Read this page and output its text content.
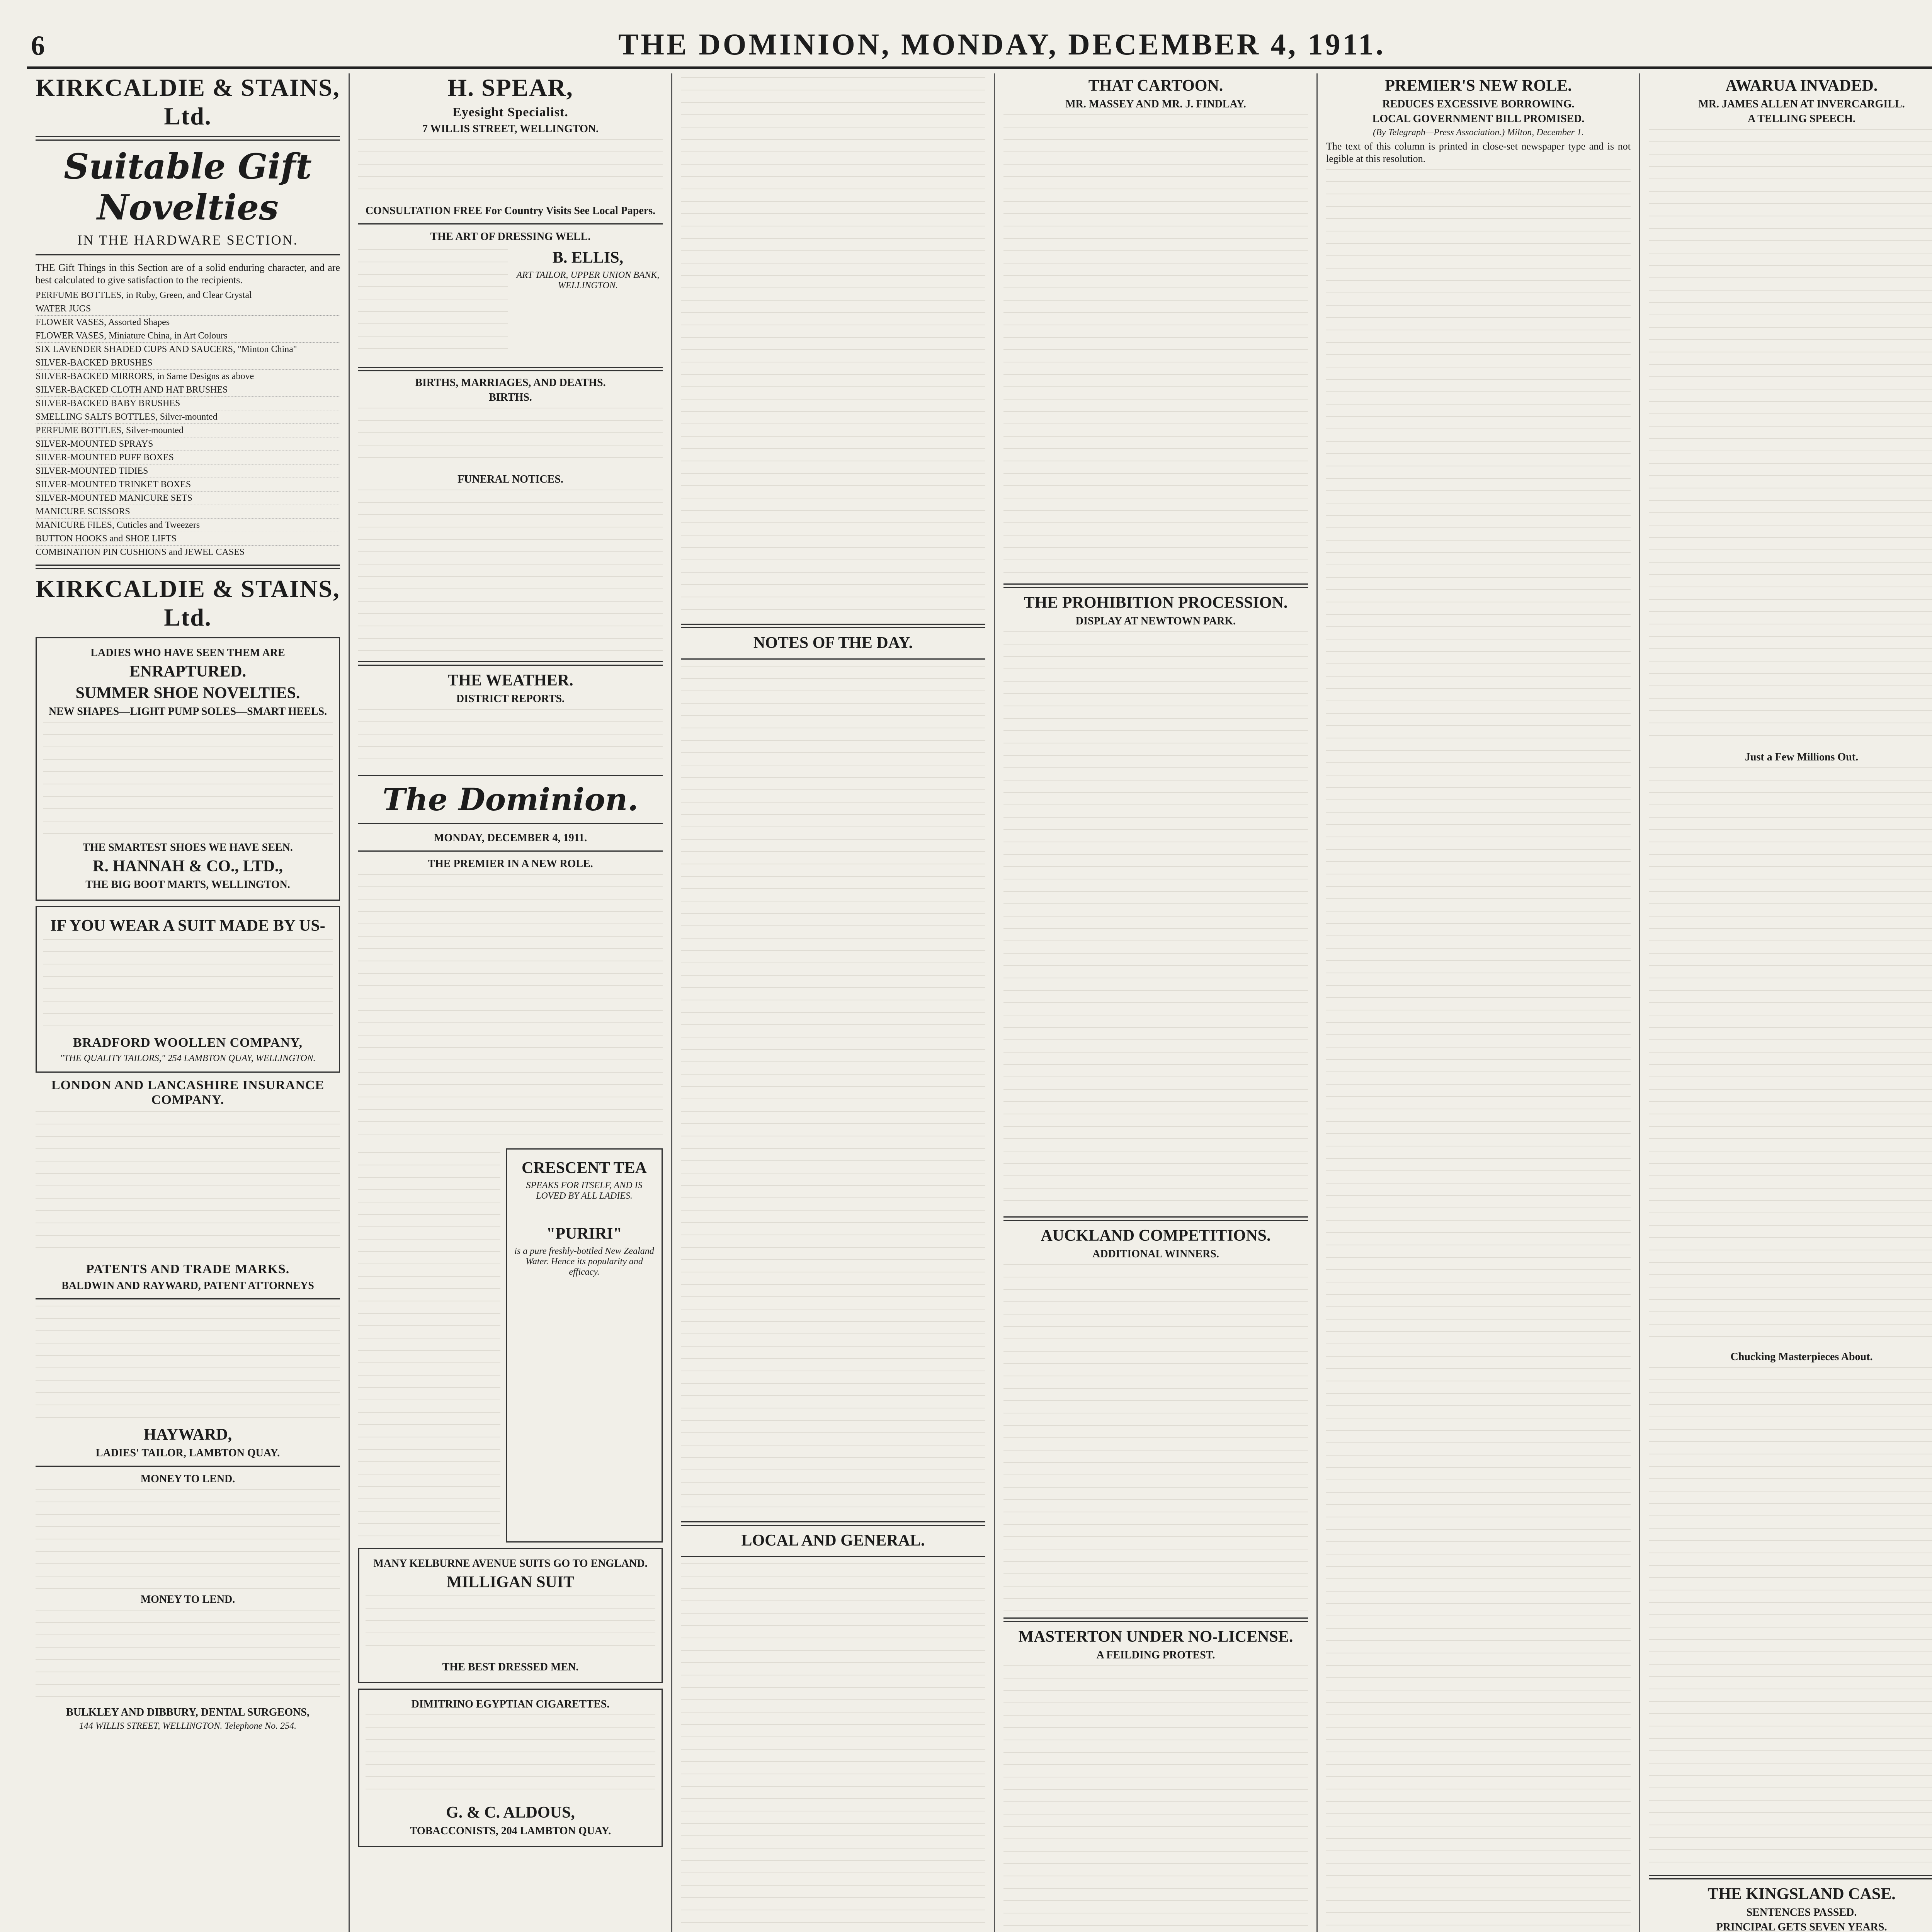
6	THE DOMINION, MONDAY, DECEMBER 4, 1911.
KIRKCALDIE & STAINS, Ltd.
Suitable Gift Novelties
IN THE HARDWARE SECTION.
THE Gift Things in this Section are of a solid enduring character, and are best calculated to give satisfaction to the recipients.
PERFUME BOTTLES, in Ruby, Green, and Clear Crystal
WATER JUGS
FLOWER VASES, Assorted Shapes
FLOWER VASES, Miniature China, in Art Colours
SIX LAVENDER SHADED CUPS AND SAUCERS, "Minton China"
SILVER-BACKED BRUSHES
SILVER-BACKED MIRRORS, in Same Designs as above
SILVER-BACKED CLOTH AND HAT BRUSHES
SILVER-BACKED BABY BRUSHES
SMELLING SALTS BOTTLES, Silver-mounted
PERFUME BOTTLES, Silver-mounted
SILVER-MOUNTED SPRAYS
SILVER-MOUNTED PUFF BOXES
SILVER-MOUNTED TIDIES
SILVER-MOUNTED TRINKET BOXES
SILVER-MOUNTED MANICURE SETS
MANICURE SCISSORS
MANICURE FILES, Cuticles and Tweezers
BUTTON HOOKS and SHOE LIFTS
COMBINATION PIN CUSHIONS and JEWEL CASES
KIRKCALDIE & STAINS, Ltd.
LADIES WHO HAVE SEEN THEM ARE
ENRAPTURED.
SUMMER SHOE NOVELTIES.
NEW SHAPES—LIGHT PUMP SOLES—SMART HEELS.
THE SMARTEST SHOES WE HAVE SEEN.
R. HANNAH & CO., LTD.,
THE BIG BOOT MARTS, WELLINGTON.
IF YOU WEAR A SUIT MADE BY US-
BRADFORD WOOLLEN COMPANY,
"THE QUALITY TAILORS," 254 LAMBTON QUAY, WELLINGTON.
LONDON AND LANCASHIRE INSURANCE COMPANY.
PATENTS AND TRADE MARKS.
BALDWIN AND RAYWARD, PATENT ATTORNEYS
HAYWARD,
LADIES' TAILOR, LAMBTON QUAY.
MONEY TO LEND.
MONEY TO LEND.
BULKLEY AND DIBBURY, DENTAL SURGEONS,
144 WILLIS STREET, WELLINGTON. Telephone No. 254.
H. SPEAR,
Eyesight Specialist.
7 WILLIS STREET, WELLINGTON.
CONSULTATION FREE For Country Visits See Local Papers.
THE ART OF DRESSING WELL.
B. ELLIS,
ART TAILOR, UPPER UNION BANK, WELLINGTON.
BIRTHS, MARRIAGES, AND DEATHS.
BIRTHS.
FUNERAL NOTICES.
THE WEATHER.
DISTRICT REPORTS.
The Dominion.
MONDAY, DECEMBER 4, 1911.
THE PREMIER IN A NEW ROLE.
CRESCENT TEA
SPEAKS FOR ITSELF, AND IS LOVED BY ALL LADIES.
"PURIRI"
is a pure freshly-bottled New Zealand Water. Hence its popularity and efficacy.
MANY KELBURNE AVENUE SUITS GO TO ENGLAND.
MILLIGAN SUIT
THE BEST DRESSED MEN.
DIMITRINO EGYPTIAN CIGARETTES.
G. & C. ALDOUS,
TOBACCONISTS, 204 LAMBTON QUAY.
NOTES OF THE DAY.
LOCAL AND GENERAL.
THAT CARTOON.
MR. MASSEY AND MR. J. FINDLAY.
THE PROHIBITION PROCESSION.
DISPLAY AT NEWTOWN PARK.
AUCKLAND COMPETITIONS.
ADDITIONAL WINNERS.
MASTERTON UNDER NO-LICENSE.
A FEILDING PROTEST.
PREMIER'S NEW ROLE.
REDUCES EXCESSIVE BORROWING.
LOCAL GOVERNMENT BILL PROMISED.
(By Telegraph—Press Association.) Milton, December 1.
The text of this column is printed in close-set newspaper type and is not legible at this resolution.
AWARUA INVADED.
MR. JAMES ALLEN AT INVERCARGILL.
A TELLING SPEECH.
Just a Few Millions Out.
Chucking Masterpieces About.
THE KINGSLAND CASE.
SENTENCES PASSED.
PRINCIPAL GETS SEVEN YEARS.
